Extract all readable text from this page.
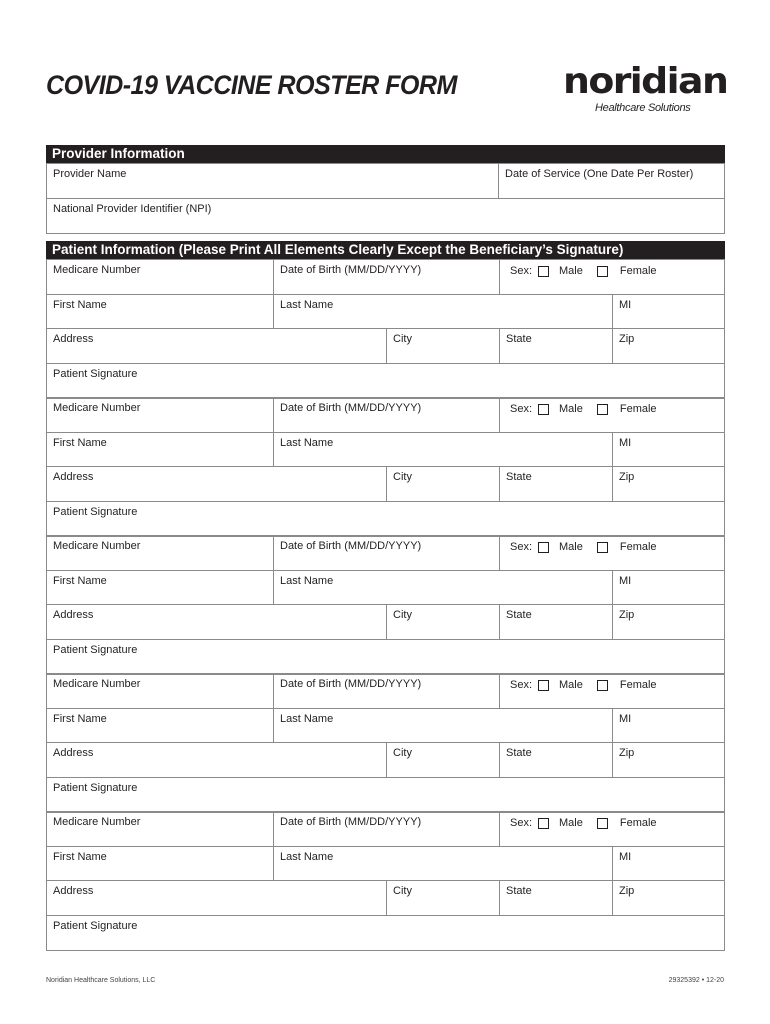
COVID-19 VACCINE ROSTER FORM	noridian
Healthcare Solutions
Provider Information
Provider Name	Date of Service (One Date Per Roster)
National Provider Identifier (NPI)
Patient Information (Please Print All Elements Clearly Except the Beneficiary’s Signature)
Medicare Number	Date of Birth (MM/DD/YYYY)	Sex: Male	Female
First Name	Last Name	MI
Address	City	State	Zip
Patient Signature
Medicare Number	Date of Birth (MM/DD/YYYY)	Sex: Male	Female
First Name	Last Name	MI
Address	City	State	Zip
Patient Signature
Medicare Number	Date of Birth (MM/DD/YYYY)	Sex: Male	Female
First Name	Last Name	MI
Address	City	State	Zip
Patient Signature
Medicare Number	Date of Birth (MM/DD/YYYY)	Sex: Male	Female
First Name	Last Name	MI
Address	City	State	Zip
Patient Signature
Medicare Number	Date of Birth (MM/DD/YYYY)	Sex: Male	Female
First Name	Last Name	MI
Address	City	State	Zip
Patient Signature
Noridian Healthcare Solutions, LLC	29325392 • 12-20
